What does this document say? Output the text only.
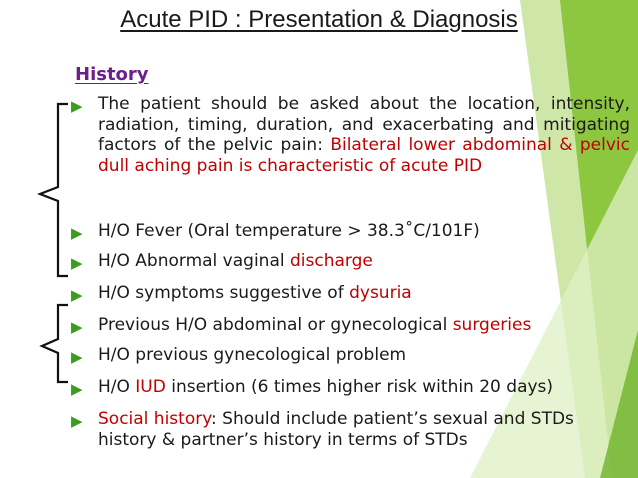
Acute PID : Presentation & Diagnosis
History
▶ The patient should be asked about the location, intensity, radiation, timing, duration, and exacerbating and mitigating factors of the pelvic pain: Bilateral lower abdominal & pelvic dull aching pain is characteristic of acute PID
▶ H/O Fever (Oral temperature > 38.3˚C/101F)
▶ H/O Abnormal vaginal discharge
▶ H/O symptoms suggestive of dysuria
▶ Previous H/O abdominal or gynecological surgeries
▶ H/O previous gynecological problem
▶ H/O IUD insertion (6 times higher risk within 20 days)
▶ Social history: Should include patient’s sexual and STDs history & partner’s history in terms of STDs
